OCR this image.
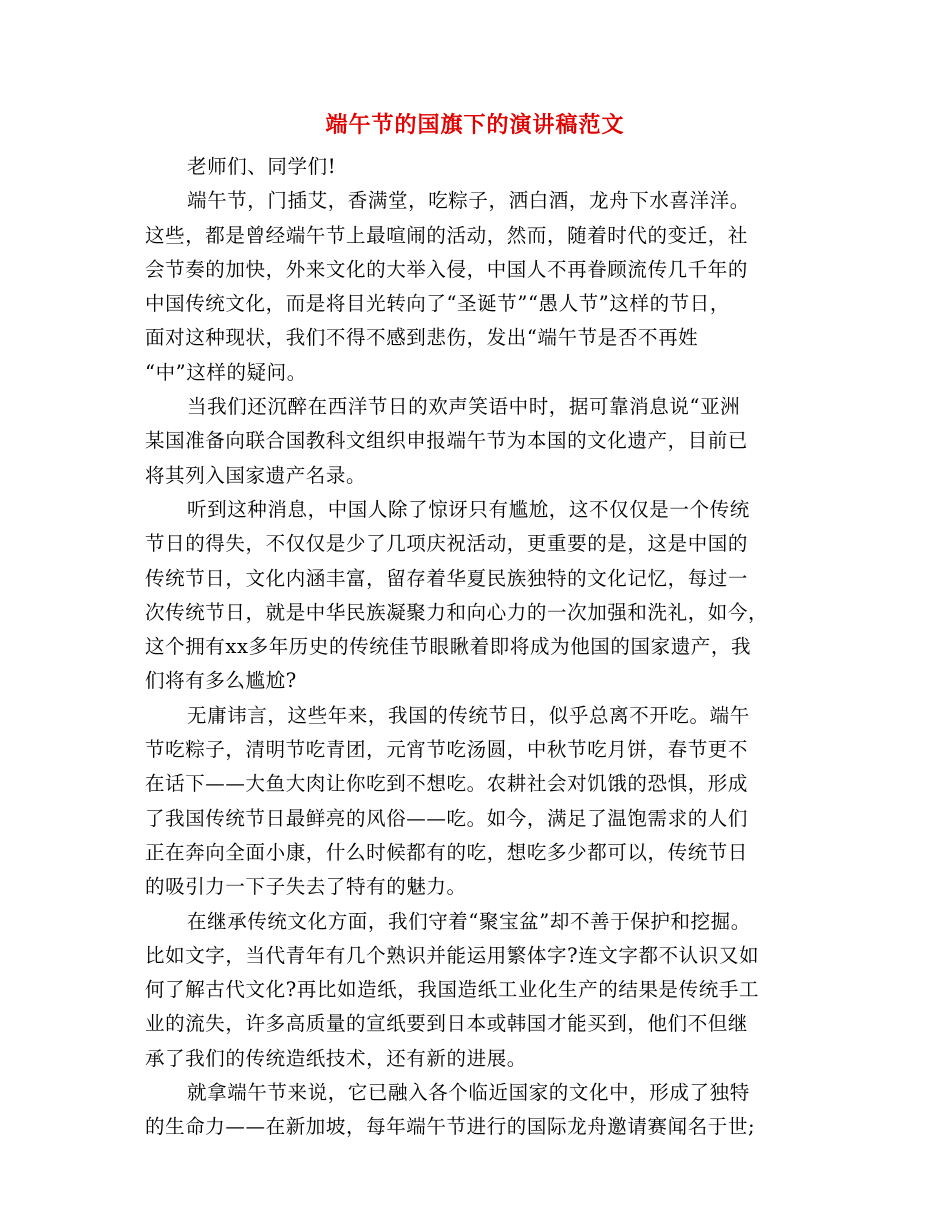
端午节的国旗下的演讲稿范文
老师们、同学们!
端午节，门插艾，香满堂，吃粽子，洒白酒，龙舟下水喜洋洋。
这些，都是曾经端午节上最喧闹的活动，然而，随着时代的变迁，社
会节奏的加快，外来文化的大举入侵，中国人不再眷顾流传几千年的
中国传统文化，而是将目光转向了“圣诞节”“愚人节”这样的节日，
面对这种现状，我们不得不感到悲伤，发出“端午节是否不再姓
“中”这样的疑问。
当我们还沉醉在西洋节日的欢声笑语中时，据可靠消息说“亚洲
某国准备向联合国教科文组织申报端午节为本国的文化遗产，目前已
将其列入国家遗产名录。
听到这种消息，中国人除了惊讶只有尴尬，这不仅仅是一个传统
节日的得失，不仅仅是少了几项庆祝活动，更重要的是，这是中国的
传统节日，文化内涵丰富，留存着华夏民族独特的文化记忆，每过一
次传统节日，就是中华民族凝聚力和向心力的一次加强和洗礼，如今，
这个拥有xx多年历史的传统佳节眼瞅着即将成为他国的国家遗产，我
们将有多么尴尬?
无庸讳言，这些年来，我国的传统节日，似乎总离不开吃。端午
节吃粽子，清明节吃青团，元宵节吃汤圆，中秋节吃月饼，春节更不
在话下——大鱼大肉让你吃到不想吃。农耕社会对饥饿的恐惧，形成
了我国传统节日最鲜亮的风俗——吃。如今，满足了温饱需求的人们
正在奔向全面小康，什么时候都有的吃，想吃多少都可以，传统节日
的吸引力一下子失去了特有的魅力。
在继承传统文化方面，我们守着“聚宝盆”却不善于保护和挖掘。
比如文字，当代青年有几个熟识并能运用繁体字?连文字都不认识又如
何了解古代文化?再比如造纸，我国造纸工业化生产的结果是传统手工
业的流失，许多高质量的宣纸要到日本或韩国才能买到，他们不但继
承了我们的传统造纸技术，还有新的进展。
就拿端午节来说，它已融入各个临近国家的文化中，形成了独特
的生命力——在新加坡，每年端午节进行的国际龙舟邀请赛闻名于世;
